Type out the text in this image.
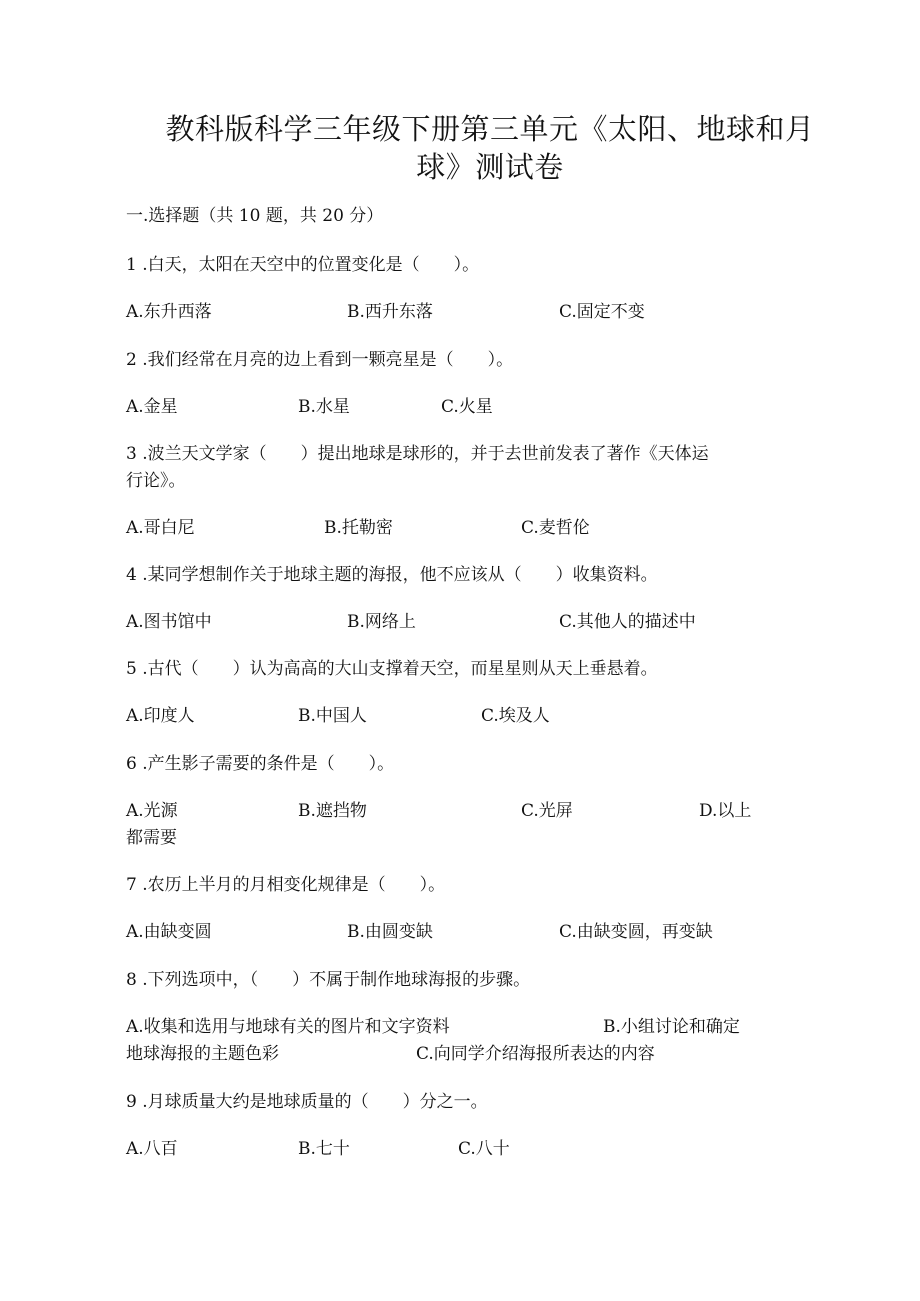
教科版科学三年级下册第三单元《太阳、地球和月
球》测试卷
一.选择题（共 10 题，共 20 分）
1 .白天，太阳在天空中的位置变化是（　　）。
A.东升西落	B.西升东落	C.固定不变
2 .我们经常在月亮的边上看到一颗亮星是（　　）。
A.金星	B.水星	C.火星
3 .波兰天文学家（　　）提出地球是球形的，并于去世前发表了著作《天体运
行论》。
A.哥白尼	B.托勒密	C.麦哲伦
4 .某同学想制作关于地球主题的海报，他不应该从（　　）收集资料。
A.图书馆中	B.网络上	C.其他人的描述中
5 .古代（　　）认为高高的大山支撑着天空，而星星则从天上垂悬着。
A.印度人	B.中国人	C.埃及人
6 .产生影子需要的条件是（　　）。
A.光源	B.遮挡物	C.光屏	D.以上
都需要
7 .农历上半月的月相变化规律是（　　）。
A.由缺变圆	B.由圆变缺	C.由缺变圆，再变缺
8 .下列选项中，（　　）不属于制作地球海报的步骤。
A.收集和选用与地球有关的图片和文字资料	B.小组讨论和确定
地球海报的主题色彩	C.向同学介绍海报所表达的内容
9 .月球质量大约是地球质量的（　　）分之一。
A.八百	B.七十	C.八十
